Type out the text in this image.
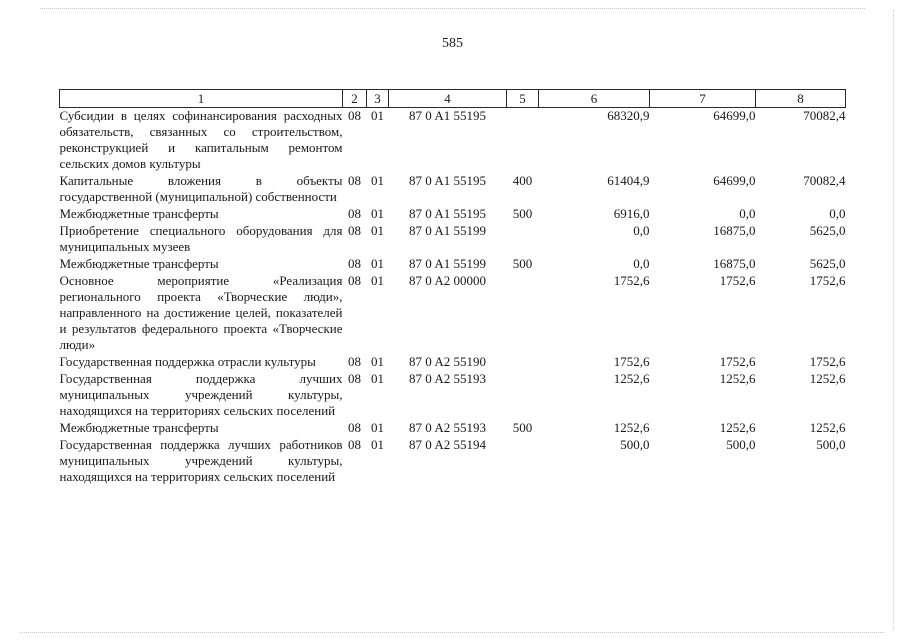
585
1	2	3	4	5	6	7	8
Субсидии в целях софинансирования расходных обязательств, связанных со строительством, реконструкцией и капитальным ремонтом сельских домов культуры	08	01	87 0 A1 55195		68320,9	64699,0	70082,4
Капитальные вложения в объекты государственной (муниципальной) собственности	08	01	87 0 A1 55195	400	61404,9	64699,0	70082,4
Межбюджетные трансферты	08	01	87 0 A1 55195	500	6916,0	0,0	0,0
Приобретение специального оборудования для муниципальных музеев	08	01	87 0 A1 55199		0,0	16875,0	5625,0
Межбюджетные трансферты	08	01	87 0 A1 55199	500	0,0	16875,0	5625,0
Основное мероприятие «Реализация регионального проекта «Творческие люди», направленного на достижение целей, показателей и результатов федерального проекта «Творческие люди»	08	01	87 0 A2 00000		1752,6	1752,6	1752,6
Государственная поддержка отрасли культуры	08	01	87 0 A2 55190		1752,6	1752,6	1752,6
Государственная поддержка лучших муниципальных учреждений культуры, находящихся на территориях сельских поселений	08	01	87 0 A2 55193		1252,6	1252,6	1252,6
Межбюджетные трансферты	08	01	87 0 A2 55193	500	1252,6	1252,6	1252,6
Государственная поддержка лучших работников муниципальных учреждений культуры, находящихся на территориях сельских поселений	08	01	87 0 A2 55194		500,0	500,0	500,0
